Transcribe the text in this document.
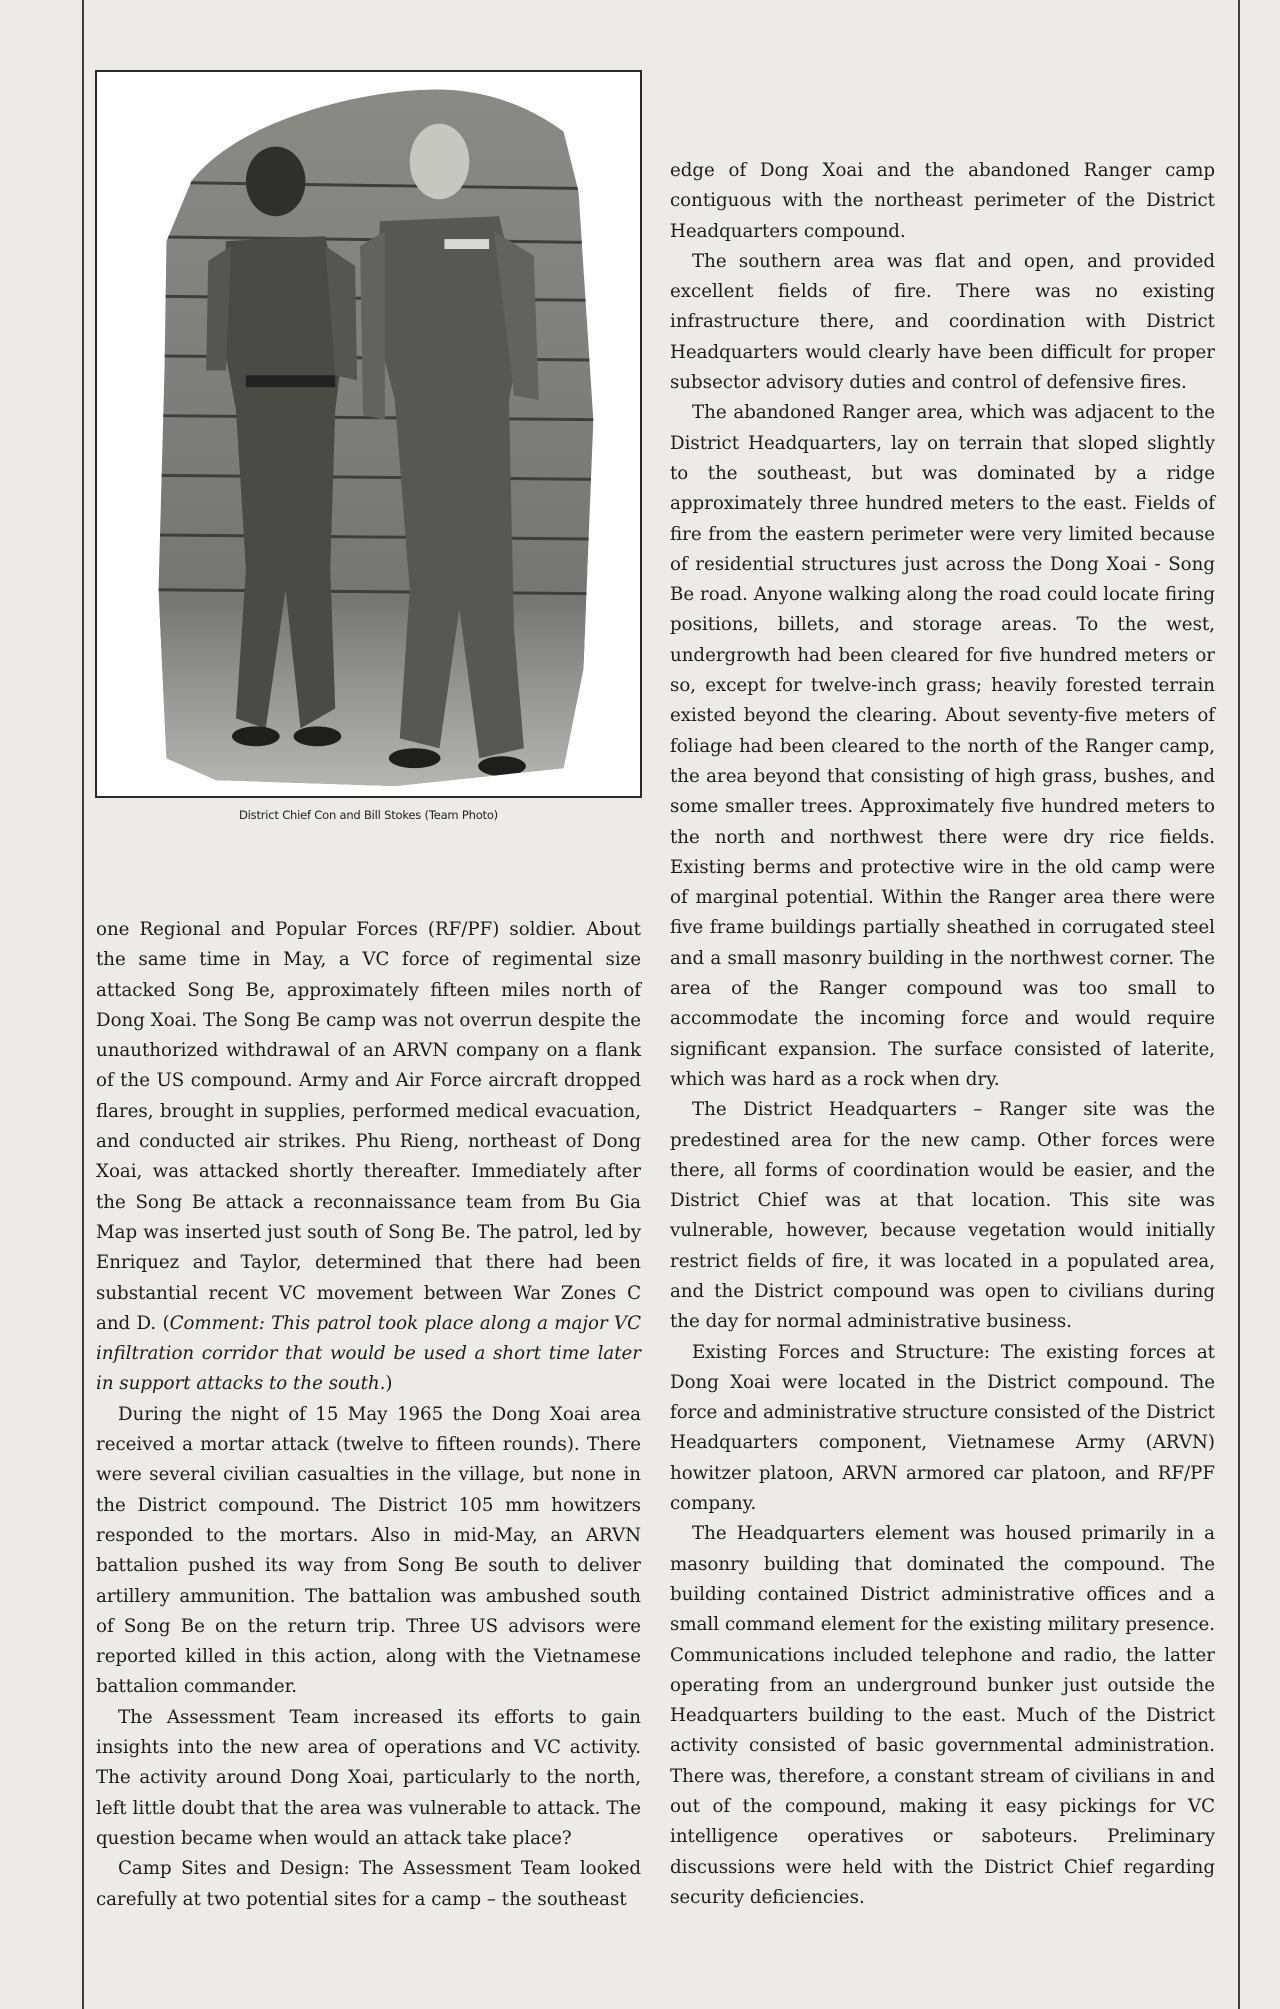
District Chief Con and Bill Stokes (Team Photo)

one Regional and Popular Forces (RF/PF) soldier. About the same time in May, a VC force of regimental size attacked Song Be, approximately fifteen miles north of Dong Xoai. The Song Be camp was not overrun despite the unauthorized withdrawal of an ARVN company on a flank of the US compound. Army and Air Force aircraft dropped flares, brought in supplies, performed medical evacuation, and conducted air strikes. Phu Rieng, northeast of Dong Xoai, was attacked shortly thereafter. Immediately after the Song Be attack a reconnaissance team from Bu Gia Map was inserted just south of Song Be. The patrol, led by Enriquez and Taylor, determined that there had been substantial recent VC movement between War Zones C and D. (Comment: This patrol took place along a major VC infiltration corridor that would be used a short time later in support attacks to the south.)

During the night of 15 May 1965 the Dong Xoai area received a mortar attack (twelve to fifteen rounds). There were several civilian casualties in the village, but none in the District compound. The District 105 mm howitzers responded to the mortars. Also in mid-May, an ARVN battalion pushed its way from Song Be south to deliver artillery ammunition. The battalion was ambushed south of Song Be on the return trip. Three US advisors were reported killed in this action, along with the Vietnamese battalion commander.

The Assessment Team increased its efforts to gain insights into the new area of operations and VC activity. The activity around Dong Xoai, particularly to the north, left little doubt that the area was vulnerable to attack. The question became when would an attack take place?

Camp Sites and Design: The Assessment Team looked carefully at two potential sites for a camp – the southeast

edge of Dong Xoai and the abandoned Ranger camp contiguous with the northeast perimeter of the District Headquarters compound.

The southern area was flat and open, and provided excellent fields of fire. There was no existing infrastructure there, and coordination with District Headquarters would clearly have been difficult for proper subsector advisory duties and control of defensive fires.

The abandoned Ranger area, which was adjacent to the District Headquarters, lay on terrain that sloped slightly to the southeast, but was dominated by a ridge approximately three hundred meters to the east. Fields of fire from the eastern perimeter were very limited because of residential structures just across the Dong Xoai - Song Be road. Anyone walking along the road could locate firing positions, billets, and storage areas. To the west, undergrowth had been cleared for five hundred meters or so, except for twelve-inch grass; heavily forested terrain existed beyond the clearing. About seventy-five meters of foliage had been cleared to the north of the Ranger camp, the area beyond that consisting of high grass, bushes, and some smaller trees. Approximately five hundred meters to the north and northwest there were dry rice fields. Existing berms and protective wire in the old camp were of marginal potential. Within the Ranger area there were five frame buildings partially sheathed in corrugated steel and a small masonry building in the northwest corner. The area of the Ranger compound was too small to accommodate the incoming force and would require significant expansion. The surface consisted of laterite, which was hard as a rock when dry.

The District Headquarters – Ranger site was the predestined area for the new camp. Other forces were there, all forms of coordination would be easier, and the District Chief was at that location. This site was vulnerable, however, because vegetation would initially restrict fields of fire, it was located in a populated area, and the District compound was open to civilians during the day for normal administrative business.

Existing Forces and Structure: The existing forces at Dong Xoai were located in the District compound. The force and administrative structure consisted of the District Headquarters component, Vietnamese Army (ARVN) howitzer platoon, ARVN armored car platoon, and RF/PF company.

The Headquarters element was housed primarily in a masonry building that dominated the compound. The building contained District administrative offices and a small command element for the existing military presence. Communications included telephone and radio, the latter operating from an underground bunker just outside the Headquarters building to the east. Much of the District activity consisted of basic governmental administration. There was, therefore, a constant stream of civilians in and out of the compound, making it easy pickings for VC intelligence operatives or saboteurs. Preliminary discussions were held with the District Chief regarding security deficiencies.
